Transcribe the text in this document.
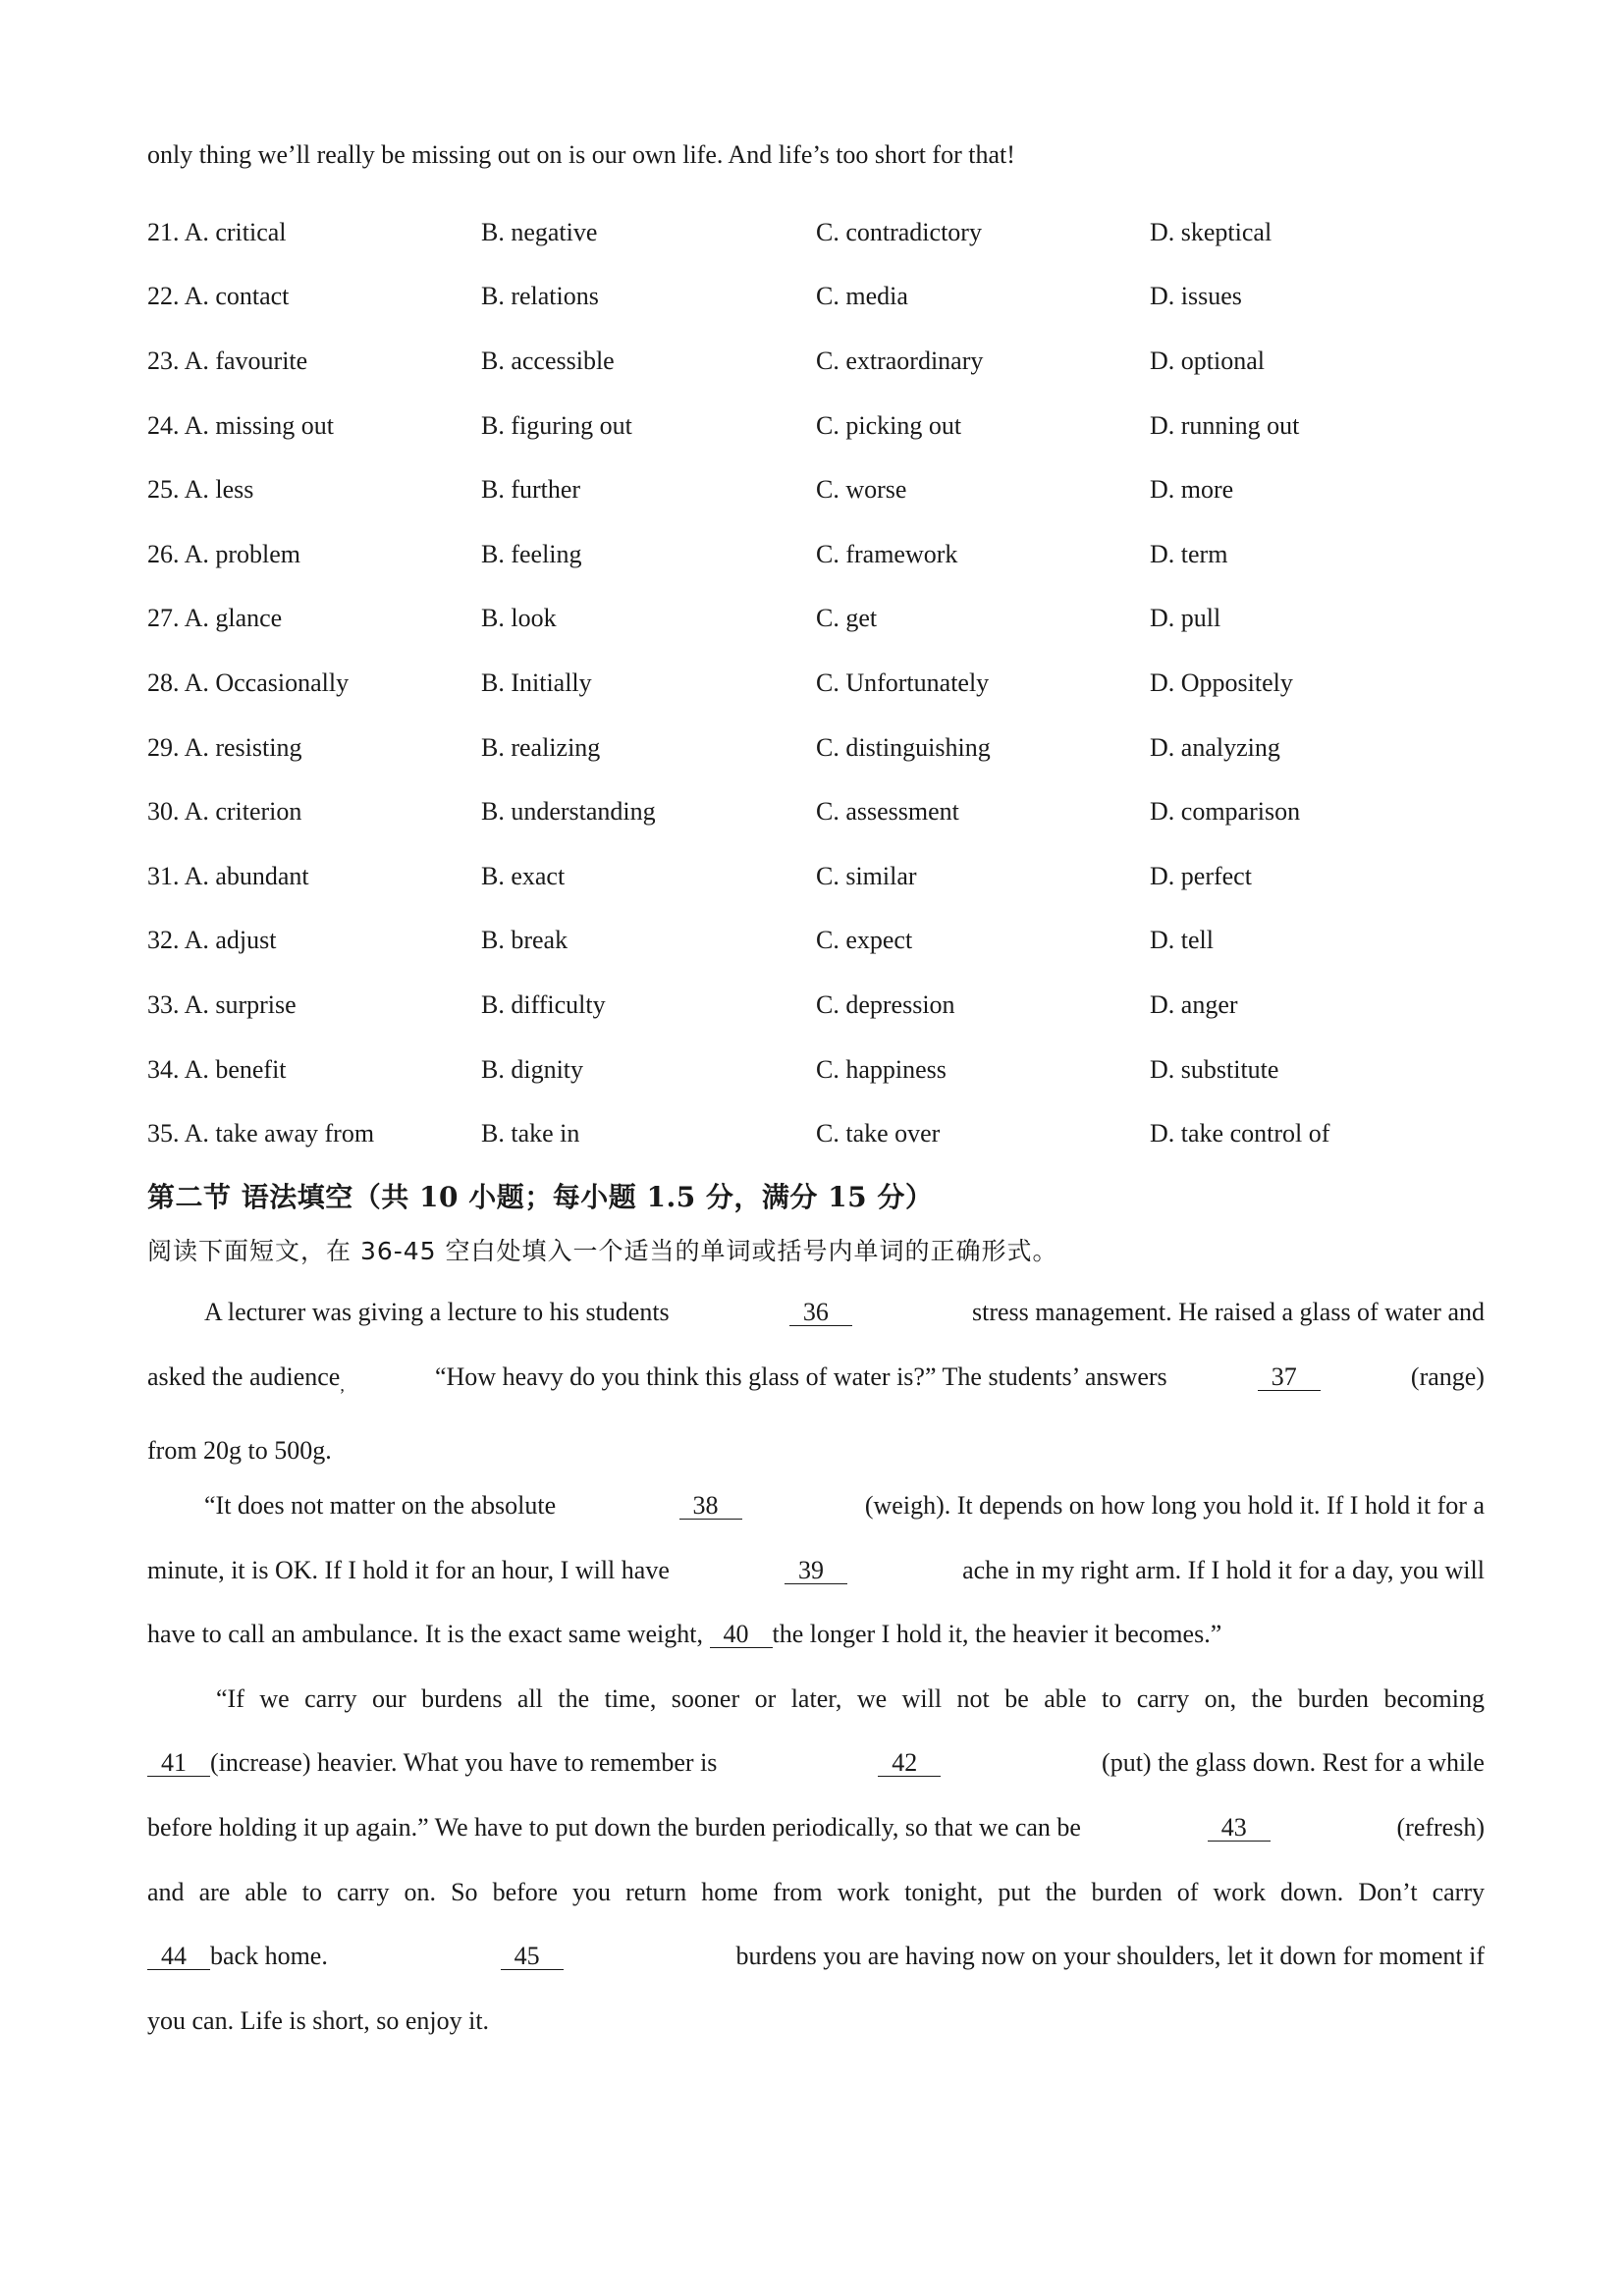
only thing we’ll really be missing out on is our own life. And life’s too short for that!
21. A. critical	B. negative	C. contradictory	D. skeptical
22. A. contact	B. relations	C. media	D. issues
23. A. favourite	B. accessible	C. extraordinary	D. optional
24. A. missing out	B. figuring out	C. picking out	D. running out
25. A. less	B. further	C. worse	D. more
26. A. problem	B. feeling	C. framework	D. term
27. A. glance	B. look	C. get	D. pull
28. A. Occasionally	B. Initially	C. Unfortunately	D. Oppositely
29. A. resisting	B. realizing	C. distinguishing	D. analyzing
30. A. criterion	B. understanding	C. assessment	D. comparison
31. A. abundant	B. exact	C. similar	D. perfect
32. A. adjust	B. break	C. expect	D. tell
33. A. surprise	B. difficulty	C. depression	D. anger
34. A. benefit	B. dignity	C. happiness	D. substitute
35. A. take away from	B. take in	C. take over	D. take control of
第二节 语法填空（共 10 小题；每小题 1.5 分，满分 15 分）
阅读下面短文，在 36-45 空白处填入一个适当的单词或括号内单词的正确形式。
A lecturer was giving a lecture to his students	36	stress management. He raised a glass of water and
asked the audience$_,$	“How heavy do you think this glass of water is?” The students’ answers	37	(range)
from 20g to 500g.
“It does not matter on the absolute	38	(weigh). It depends on how long you hold it. If I hold it for a
minute, it is OK. If I hold it for an hour, I will have	39	ache in my right arm. If I hold it for a day, you will
have to call an ambulance. It is the exact same weight, 40 the longer I hold it, the heavier it becomes.”
“If we carry our burdens all the time, sooner or later, we will not be able to carry on, the burden becoming
41 (increase) heavier. What you have to remember is	42	(put) the glass down. Rest for a while
before holding it up again.” We have to put down the burden periodically, so that we can be	43	(refresh)
and are able to carry on. So before you return home from work tonight, put the burden of work down. Don’t carry
44 back home.	45	burdens you are having now on your shoulders, let it down for moment if
you can. Life is short, so enjoy it.
